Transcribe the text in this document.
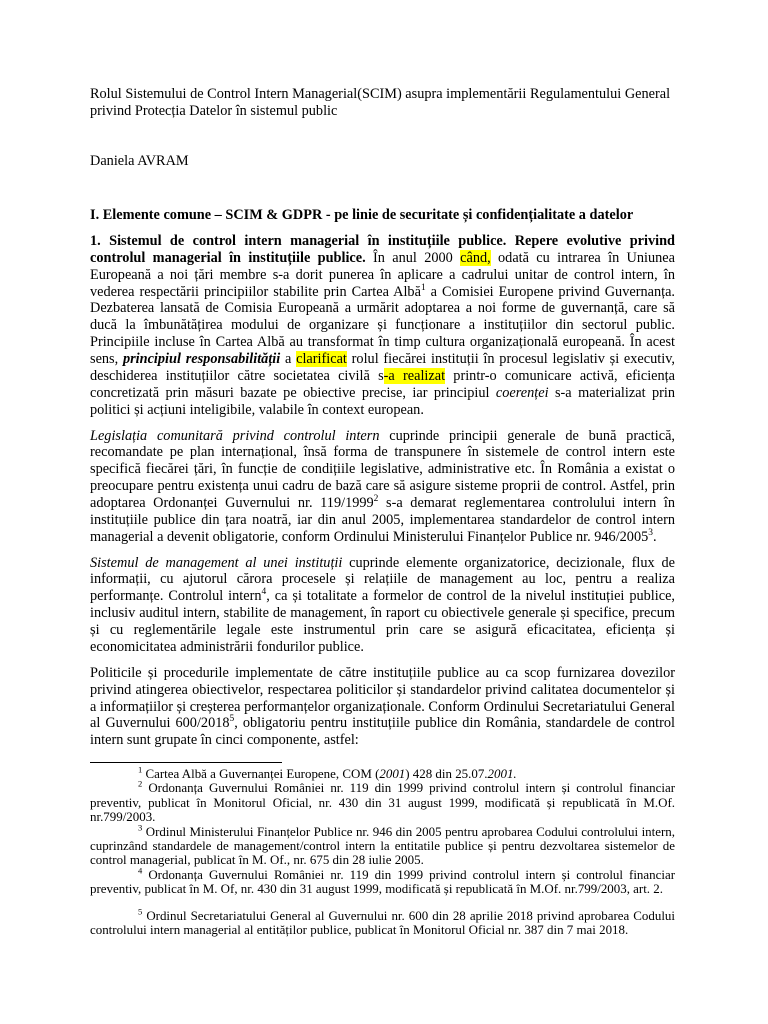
Rolul Sistemului de Control Intern Managerial(SCIM) asupra implementării Regulamentului General privind Protecția Datelor în sistemul public

Daniela AVRAM

I. Elemente comune – SCIM & GDPR - pe linie de securitate și confidențialitate a datelor

1. Sistemul de control intern managerial în instituțiile publice. Repere evolutive privind controlul managerial în instituțiile publice. În anul 2000 când, odată cu intrarea în Uniunea Europeană a noi țări membre s-a dorit punerea în aplicare a cadrului unitar de control intern, în vederea respectării principiilor stabilite prin Cartea Albă$^1$ a Comisiei Europene privind Guvernanța. Dezbaterea lansată de Comisia Europeană a urmărit adoptarea a noi forme de guvernanță, care să ducă la îmbunătățirea modului de organizare și funcționare a instituțiilor din sectorul public. Principiile incluse în Cartea Albă au transformat în timp cultura organizațională europeană. În acest sens, principiul responsabilității a clarificat rolul fiecărei instituții în procesul legislativ și executiv, deschiderea instituțiilor către societatea civilă s-a realizat printr-o comunicare activă, eficiența concretizată prin măsuri bazate pe obiective precise, iar principiul coerenței s-a materializat prin politici și acțiuni inteligibile, valabile în context european.

Legislația comunitară privind controlul intern cuprinde principii generale de bună practică, recomandate pe plan internațional, însă forma de transpunere în sistemele de control intern este specifică fiecărei țări, în funcție de condițiile legislative, administrative etc. În România a existat o preocupare pentru existența unui cadru de bază care să asigure sisteme proprii de control. Astfel, prin adoptarea Ordonanței Guvernului nr. 119/1999$^2$ s-a demarat reglementarea controlului intern în instituțiile publice din țara noatră, iar din anul 2005, implementarea standardelor de control intern managerial a devenit obligatorie, conform Ordinului Ministerului Finanțelor Publice nr. 946/2005$^3$.

Sistemul de management al unei instituții cuprinde elemente organizatorice, decizionale, flux de informații, cu ajutorul cărora procesele și relațiile de management au loc, pentru a realiza performanțe. Controlul intern$^4$, ca și totalitate a formelor de control de la nivelul instituției publice, inclusiv auditul intern, stabilite de management, în raport cu obiectivele generale și specifice, precum și cu reglementările legale este instrumentul prin care se asigură eficacitatea, eficiența și economicitatea administrării fondurilor publice.

Politicile și procedurile implementate de către instituțiile publice au ca scop furnizarea dovezilor privind atingerea obiectivelor, respectarea politicilor și standardelor privind calitatea documentelor și a informațiilor și creșterea performanțelor organizaționale. Conform Ordinului Secretariatului General al Guvernului 600/2018$^5$, obligatoriu pentru instituțiile publice din România, standardele de control intern sunt grupate în cinci componente, astfel:

$^1$ Cartea Albă a Guvernanței Europene, COM (2001) 428 din 25.07.2001.

$^2$ Ordonanța Guvernului României nr. 119 din 1999 privind controlul intern și controlul financiar preventiv, publicat în Monitorul Oficial, nr. 430 din 31 august 1999, modificată și republicată în M.Of. nr.799/2003.

$^3$ Ordinul Ministerului Finanțelor Publice nr. 946 din 2005 pentru aprobarea Codului controlului intern, cuprinzând standardele de management/control intern la entitatile publice și pentru dezvoltarea sistemelor de control managerial, publicat în M. Of., nr. 675 din 28 iulie 2005.

$^4$ Ordonanța Guvernului României nr. 119 din 1999 privind controlul intern și controlul financiar preventiv, publicat în M. Of, nr. 430 din 31 august 1999, modificată și republicată în M.Of. nr.799/2003, art. 2.

$^5$ Ordinul Secretariatului General al Guvernului nr. 600 din 28 aprilie 2018 privind aprobarea Codului controlului intern managerial al entităților publice, publicat în Monitorul Oficial nr. 387 din 7 mai 2018.
